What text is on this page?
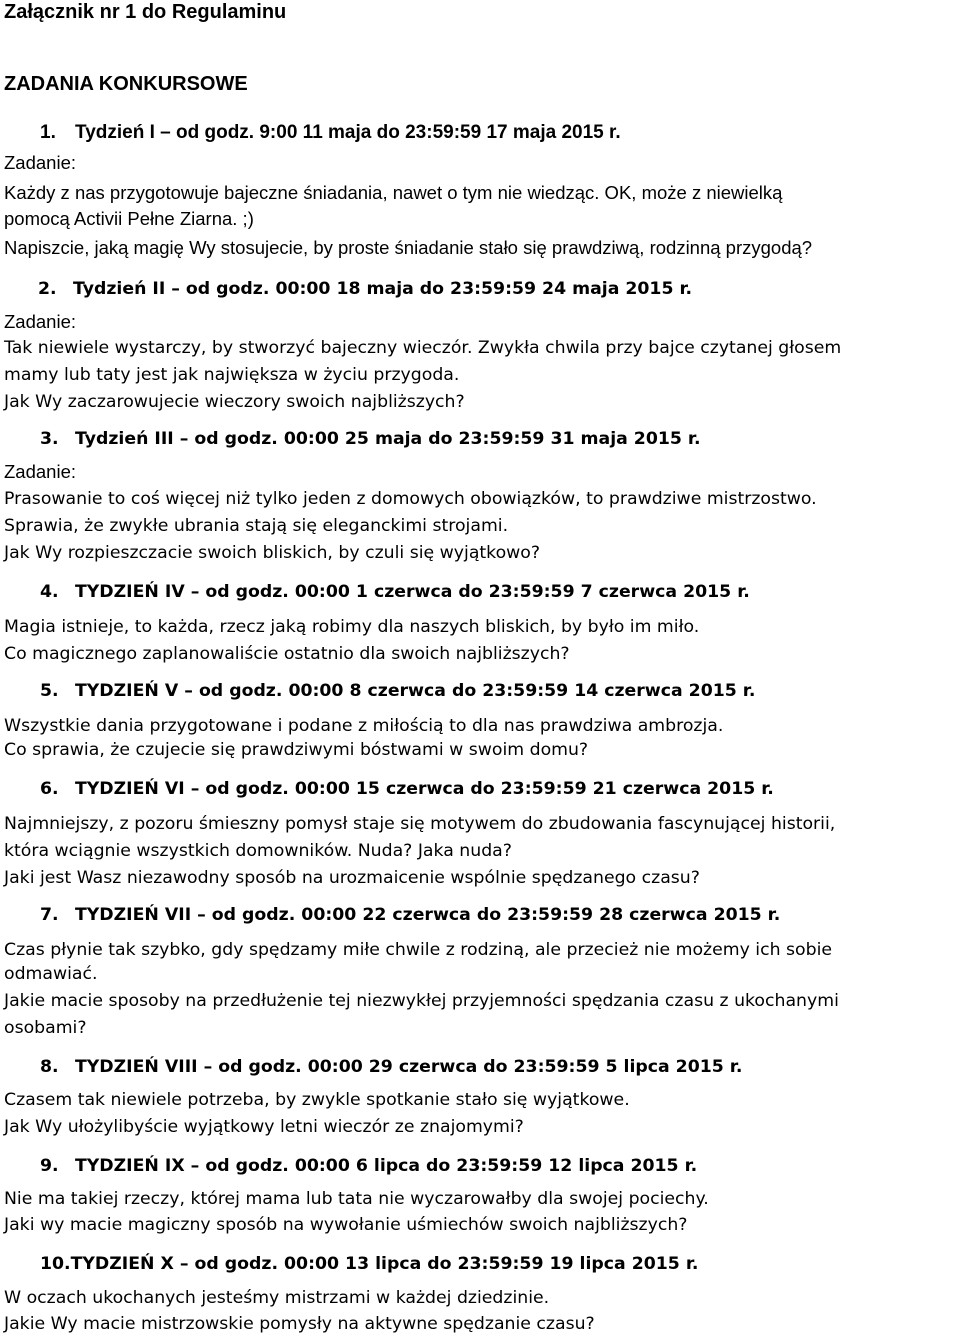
Załącznik nr 1 do Regulaminu
ZADANIA KONKURSOWE
1. Tydzień I – od godz. 9:00 11 maja do 23:59:59 17 maja 2015 r.
Zadanie:
Każdy z nas przygotowuje bajeczne śniadania, nawet o tym nie wiedząc. OK, może z niewielką
pomocą Activii Pełne Ziarna. ;)
Napiszcie, jaką magię Wy stosujecie, by proste śniadanie stało się prawdziwą, rodzinną przygodą?
2. Tydzień II – od godz. 00:00 18 maja do 23:59:59 24 maja 2015 r.
Zadanie:
Tak niewiele wystarczy, by stworzyć bajeczny wieczór. Zwykła chwila przy bajce czytanej głosem
mamy lub taty jest jak największa w życiu przygoda.
Jak Wy zaczarowujecie wieczory swoich najbliższych?
3. Tydzień III – od godz. 00:00 25 maja do 23:59:59 31 maja 2015 r.
Zadanie:
Prasowanie to coś więcej niż tylko jeden z domowych obowiązków, to prawdziwe mistrzostwo.
Sprawia, że zwykłe ubrania stają się eleganckimi strojami.
Jak Wy rozpieszczacie swoich bliskich, by czuli się wyjątkowo?
4. TYDZIEŃ IV – od godz. 00:00 1 czerwca do 23:59:59 7 czerwca 2015 r.
Magia istnieje, to każda, rzecz jaką robimy dla naszych bliskich, by było im miło.
Co magicznego zaplanowaliście ostatnio dla swoich najbliższych?
5. TYDZIEŃ V – od godz. 00:00 8 czerwca do 23:59:59 14 czerwca 2015 r.
Wszystkie dania przygotowane i podane z miłością to dla nas prawdziwa ambrozja.
Co sprawia, że czujecie się prawdziwymi bóstwami w swoim domu?
6. TYDZIEŃ VI – od godz. 00:00 15 czerwca do 23:59:59 21 czerwca 2015 r.
Najmniejszy, z pozoru śmieszny pomysł staje się motywem do zbudowania fascynującej historii,
która wciągnie wszystkich domowników. Nuda? Jaka nuda?
Jaki jest Wasz niezawodny sposób na urozmaicenie wspólnie spędzanego czasu?
7. TYDZIEŃ VII – od godz. 00:00 22 czerwca do 23:59:59 28 czerwca 2015 r.
Czas płynie tak szybko, gdy spędzamy miłe chwile z rodziną, ale przecież nie możemy ich sobie
odmawiać.
Jakie macie sposoby na przedłużenie tej niezwykłej przyjemności spędzania czasu z ukochanymi
osobami?
8. TYDZIEŃ VIII – od godz. 00:00 29 czerwca do 23:59:59 5 lipca 2015 r.
Czasem tak niewiele potrzeba, by zwykle spotkanie stało się wyjątkowe.
Jak Wy ułożylibyście wyjątkowy letni wieczór ze znajomymi?
9. TYDZIEŃ IX – od godz. 00:00 6 lipca do 23:59:59 12 lipca 2015 r.
Nie ma takiej rzeczy, której mama lub tata nie wyczarowałby dla swojej pociechy.
Jaki wy macie magiczny sposób na wywołanie uśmiechów swoich najbliższych?
10.TYDZIEŃ X – od godz. 00:00 13 lipca do 23:59:59 19 lipca 2015 r.
W oczach ukochanych jesteśmy mistrzami w każdej dziedzinie.
Jakie Wy macie mistrzowskie pomysły na aktywne spędzanie czasu?
